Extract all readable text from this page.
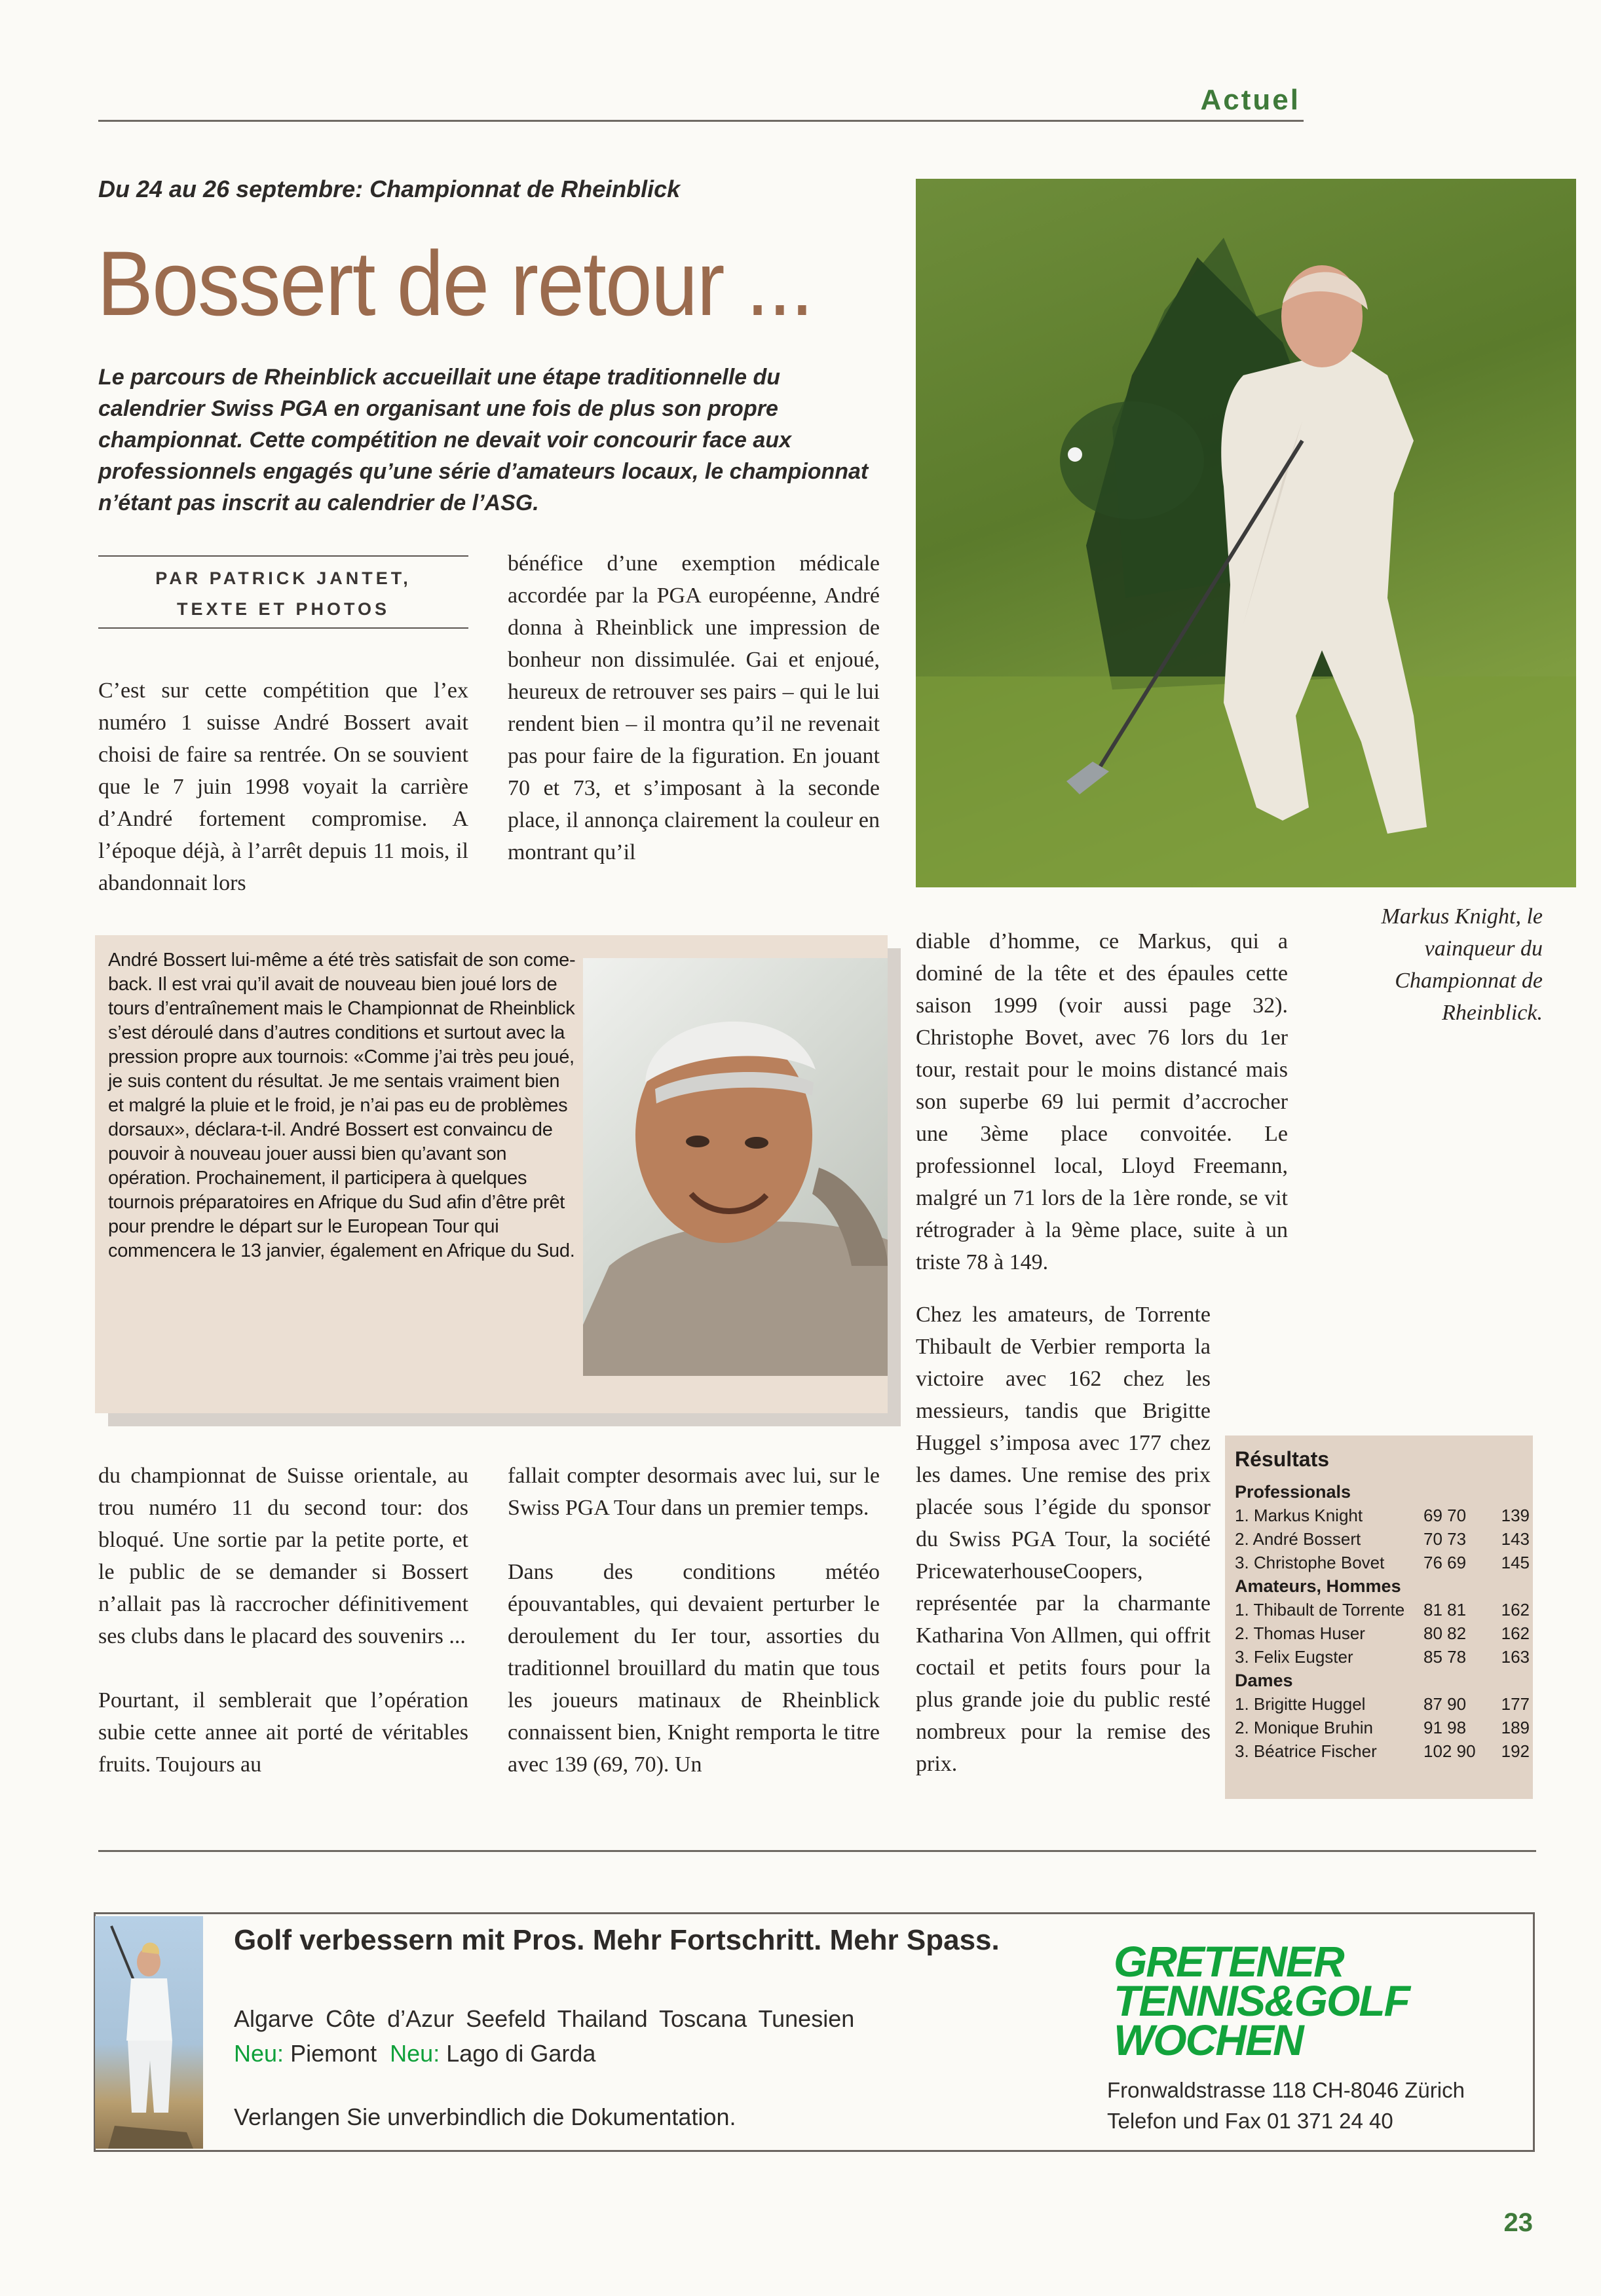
Actuel
Du 24 au 26 septembre: Championnat de Rheinblick
Bossert de retour ...
Le parcours de Rheinblick accueillait une étape traditionnelle du calendrier Swiss PGA en organisant une fois de plus son propre championnat. Cette compétition ne devait voir concourir face aux professionnels engagés qu’une série d’amateurs locaux, le championnat n’étant pas inscrit au calendrier de l’ASG.
PAR PATRICK JANTET,
TEXTE ET PHOTOS

C’est sur cette compétition que l’ex numéro 1 suisse André Bossert avait choisi de faire sa rentrée. On se souvient que le 7 juin 1998 voyait la carrière d’André fortement compromise. A l’époque déjà, à l’arrêt depuis 11 mois, il abandonnait lors

bénéfice d’une exemption médicale accordée par la PGA européenne, André donna à Rheinblick une impression de bonheur non dissimulée. Gai et enjoué, heureux de retrouver ses pairs – qui le lui rendent bien – il montra qu’il ne revenait pas pour faire de la figuration. En jouant 70 et 73, et s’imposant à la seconde place, il annonça clairement la couleur en montrant qu’il

Markus Knight, le vainqueur du Championnat de Rheinblick.
André Bossert lui-même a été très satisfait de son come-back. Il est vrai qu’il avait de nouveau bien joué lors de tours d’entraînement mais le Championnat de Rheinblick s’est déroulé dans d’autres conditions et surtout avec la pression propre aux tournois: «Comme j’ai très peu joué, je suis content du résultat. Je me sentais vraiment bien et malgré la pluie et le froid, je n’ai pas eu de problèmes dorsaux», déclara-t-il. André Bossert est convaincu de pouvoir à nouveau jouer aussi bien qu’avant son opération. Prochainement, il participera à quelques tournois préparatoires en Afrique du Sud afin d’être prêt pour prendre le départ sur le European Tour qui commencera le 13 janvier, également en Afrique du Sud.

du championnat de Suisse orientale, au trou numéro 11 du second tour: dos bloqué. Une sortie par la petite porte, et le public de se demander si Bossert n’allait pas là raccrocher définitivement ses clubs dans le placard des souvenirs ...

Pourtant, il semblerait que l’opération subie cette annee ait porté de véritables fruits. Toujours au

fallait compter desormais avec lui, sur le Swiss PGA Tour dans un premier temps.

Dans des conditions météo épouvantables, qui devaient perturber le deroulement du Ier tour, assorties du traditionnel brouillard du matin que tous les joueurs matinaux de Rheinblick connaissent bien, Knight remporta le titre avec 139 (69, 70). Un

diable d’homme, ce Markus, qui a dominé de la tête et des épaules cette saison 1999 (voir aussi page 32). Christophe Bovet, avec 76 lors du 1er tour, restait pour le moins distancé mais son superbe 69 lui permit d’accrocher une 3ème place convoitée. Le professionnel local, Lloyd Freemann, malgré un 71 lors de la 1ère ronde, se vit rétrograder à la 9ème place, suite à un triste 78 à 149.

Chez les amateurs, de Torrente Thibault de Verbier remporta la victoire avec 162 chez les messieurs, tandis que Brigitte Huggel s’imposa avec 177 chez les dames. Une remise des prix placée sous l’égide du sponsor du Swiss PGA Tour, la société PricewaterhouseCoopers, représentée par la charmante Katharina Von Allmen, qui offrit coctail et petits fours pour la plus grande joie du public resté nombreux pour la remise des prix.

Résultats
Professionals
1. Markus Knight	69 70	139
2. André Bossert	70 73	143
3. Christophe Bovet	76 69	145
Amateurs, Hommes
1. Thibault de Torrente	81 81	162
2. Thomas Huser	80 82	162
3. Felix Eugster	85 78	163
Dames
1. Brigitte Huggel	87 90	177
2. Monique Bruhin	91 98	189
3. Béatrice Fischer	102 90	192
Golf verbessern mit Pros. Mehr Fortschritt. Mehr Spass.
Algarve Côte d’Azur Seefeld Thailand Toscana Tunesien
Neu: Piemont Neu: Lago di Garda
Verlangen Sie unverbindlich die Dokumentation.
GRETENER
TENNIS&GOLF
WOCHEN
Fronwaldstrasse 118 CH-8046 Zürich
Telefon und Fax 01 371 24 40
23
